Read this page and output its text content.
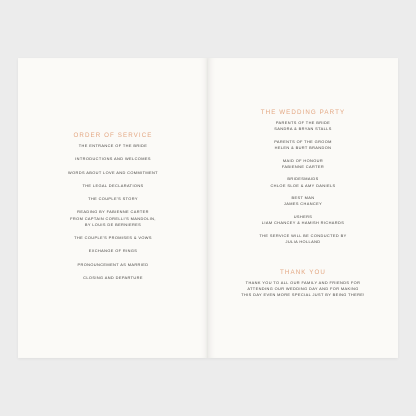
ORDER OF SERVICE
THE ENTRANCE OF THE BRIDE
INTRODUCTIONS AND WELCOMES
WORDS ABOUT LOVE AND COMMITMENT
THE LEGAL DECLARATIONS
THE COUPLE'S STORY
READING BY FABIENNE CARTER
FROM CAPTAIN CORELLI'S MANDOLIN,
BY LOUIS DE BERNIERES
THE COUPLE'S PROMISES & VOWS
EXCHANGE OF RINGS
PRONOUNCEMENT AS MARRIED
CLOSING AND DEPARTURE
THE WEDDING PARTY
PARENTS OF THE BRIDE
SANDRA & BRYAN STALLS
PARENTS OF THE GROOM
HELEN & BURT BRANDON
MAID OF HONOUR
FABIENNE CARTER
BRIDESMAIDS
CHLOE SLOE & AMY DANIELS
BEST MAN
JAMES CHANCEY
USHERS
LIAM CHANCEY & HAMISH RICHARDS
THE SERVICE WILL BE CONDUCTED BY
JULIA HOLLAND
THANK YOU
THANK YOU TO ALL OUR FAMILY AND FRIENDS FOR
ATTENDING OUR WEDDING DAY AND FOR MAKING
THIS DAY EVEN MORE SPECIAL JUST BY BEING THERE!
